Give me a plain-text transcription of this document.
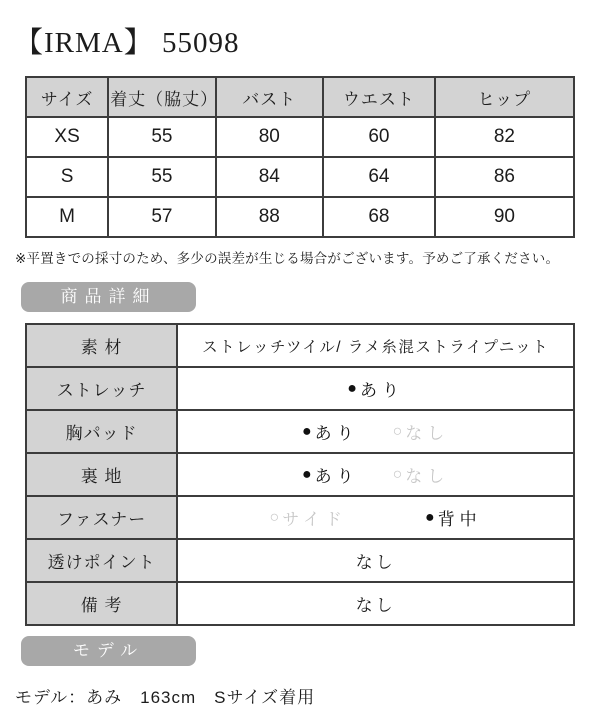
【IRMA】 55098
サイズ	着丈（脇丈）	バスト	ウエスト	ヒップ
XS	55	80	60	82
S	55	84	64	86
M	57	88	68	90
※平置きでの採寸のため、多少の誤差が生じる場合がございます。予めご了承ください。
商品詳細
素 材	ストレッチツイル/ ラメ糸混ストライプニット
ストレッチ	● あり

胸パッド	● あり ○ なし

裏 地	● あり ○ なし

ファスナー	○ サイド ● 背中

透けポイント	なし
備 考	なし
モデル
モデル：あみ　163cm　Sサイズ着用
